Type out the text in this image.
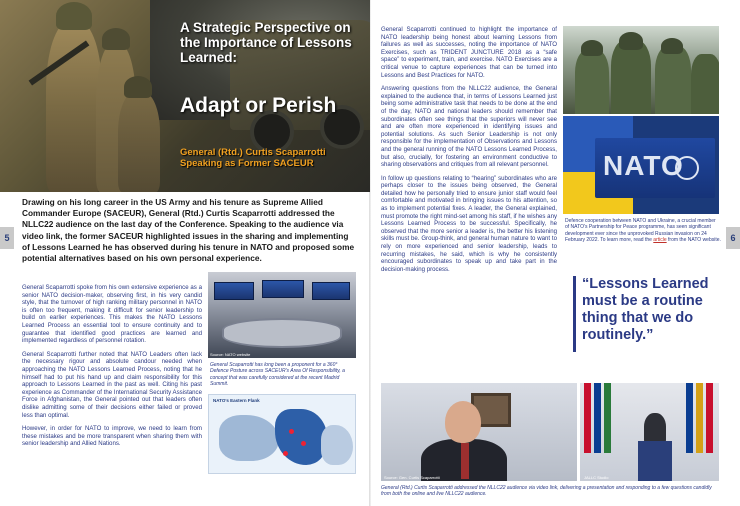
A Strategic Perspective on the Importance of Lessons Learned:
Adapt or Perish
General (Rtd.) Curtis Scaparrotti
Speaking as Former SACEUR
Drawing on his long career in the US Army and his tenure as Supreme Allied Commander Europe (SACEUR), General (Rtd.) Curtis Scaparrotti addressed the NLLC22 audience on the last day of the Conference. Speaking to the audience via video link, the former SACEUR highlighted issues in the sharing and implementing of Lessons Learned he has observed during his tenure in NATO and proposed some potential alternatives based on his own personal experience.
5	6

General Scaparrotti spoke from his own extensive experience as a senior NATO decision-maker, observing first, in his very candid style, that the turnover of high ranking military personnel in NATO is often too frequent, making it difficult for senior leadership to build on earlier experiences. This makes the NATO Lessons Learned Process an essential tool to ensure continuity and to guarantee that identified good practices are learned and implemented regardless of personnel rotation.

General Scaparrotti further noted that NATO Leaders often lack the necessary rigour and absolute candour needed when approaching the NATO Lessons Learned Process, noting that he himself had to put his hand up and claim responsibility for this approach to Lessons Learned in the past as well. Citing his past experience as Commander of the International Security Assistance Force in Afghanistan, the General pointed out that leaders often dislike admitting some of their decisions either failed or proved less than optimal.

However, in order for NATO to improve, we need to learn from these mistakes and be more transparent when sharing them with senior leadership and Allied Nations.

Source: NATO website
General Scaparrotti has long been a proponent for a 360° Defence Posture across SACEUR's Area Of Responsibility, a concept that was carefully considered at the recent Madrid Summit.
NATO's Eastern Flank

General Scaparrotti continued to highlight the importance of NATO leadership being honest about learning Lessons from failures as well as successes, noting the importance of NATO Exercises, such as TRIDENT JUNCTURE 2018 as a “safe space” to experiment, train, and exercise. NATO Exercises are a critical venue to capture experiences that can be turned into Lessons and Best Practices for NATO.

Answering questions from the NLLC22 audience, the General explained to the audience that, in terms of Lessons Learned just being some administrative task that needs to be done at the end of the day, NATO and national leaders should remember that subordinates often see things that the superiors will never see and are often more experienced in identifying issues and potential solutions. As such Senior Leadership is not only responsible for the implementation of Observations and Lessons and the general running of the NATO Lessons Learned Process, but also, crucially, for fostering an environment conductive to sharing observations and critiques from all relevant personnel.

In follow up questions relating to “hearing” subordinates who are perhaps closer to the issues being observed, the General detailed how he personally tried to ensure junior staff would feel comfortable and motivated in bringing issues to his attention, so as to implement potential fixes. A leader, the General explained, must promote the right mind-set among his staff, if he wishes any Lessons Learned Process to be successful. Specifically, he observed that the more senior a leader is, the better his listening skills must be. Group-think, and general human nature to want to rely on more experienced and senior leadership, leads to recurring mistakes, he said, which is why he consistently encouraged subordinates to speak up and take part in the decision-making process.

NATO
Defence cooperation between NATO and Ukraine, a crucial member of NATO's Partnership for Peace programme, has seen significant development ever since the unprovoked Russian invasion on 24 February 2022. To learn more, read the article from the NATO website.
“Lessons Learned must be a routine thing that we do routinely.”
Source: Gen. Curtis Scaparrotti	JALLC Studio
General (Rtd.) Curtis Scaparrotti addressed the NLLC22 audience via video link, delivering a presentation and responding to a few questions candidly from both the online and live NLLC22 audience.
